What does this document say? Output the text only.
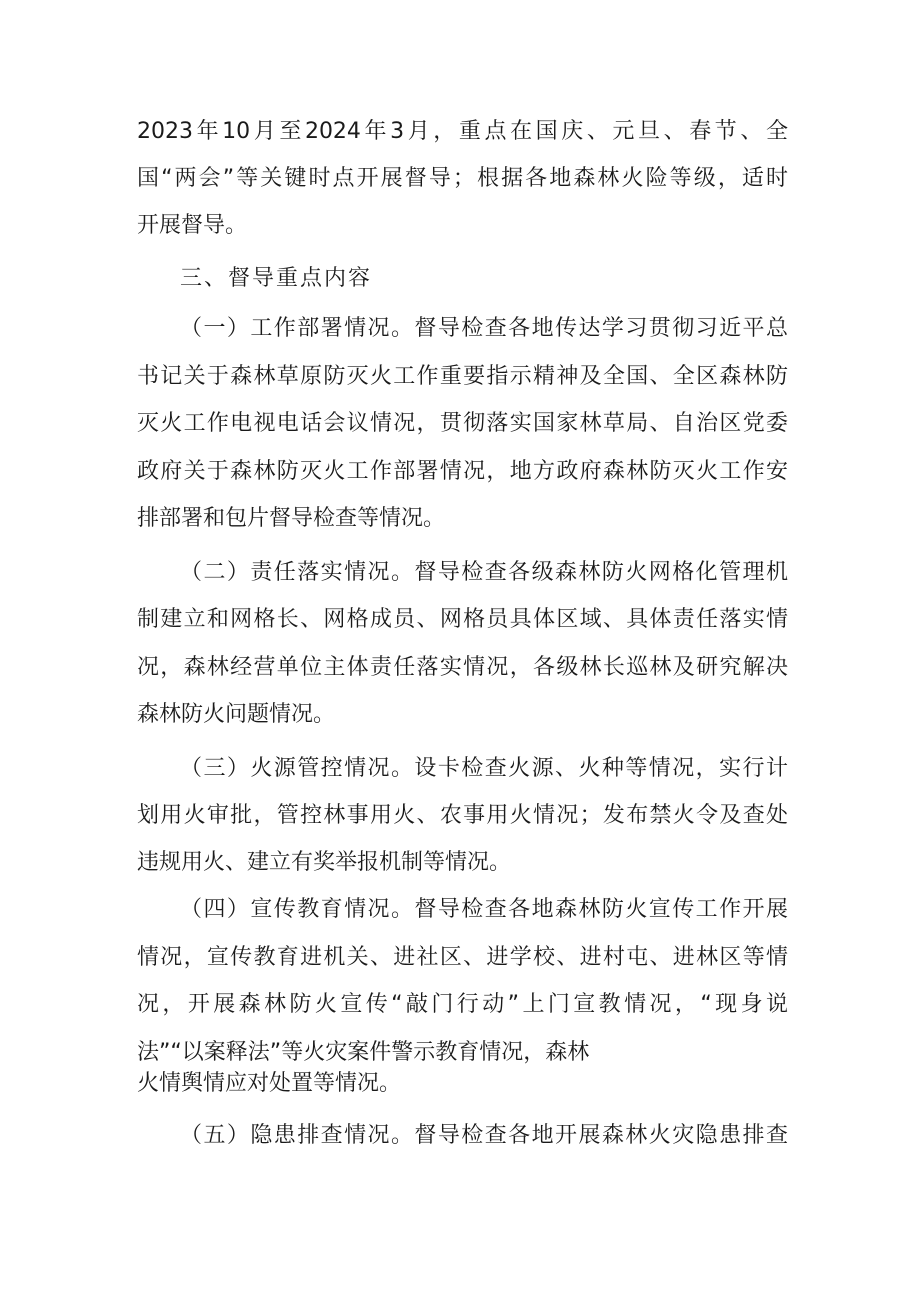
2023年10月至2024年3月，重点在国庆、元旦、春节、全
国“两会”等关键时点开展督导；根据各地森林火险等级，适时
开展督导。
三、督导重点内容
（一）工作部署情况。督导检查各地传达学习贯彻习近平总
书记关于森林草原防灭火工作重要指示精神及全国、全区森林防
灭火工作电视电话会议情况，贯彻落实国家林草局、自治区党委
政府关于森林防灭火工作部署情况，地方政府森林防灭火工作安
排部署和包片督导检查等情况。
（二）责任落实情况。督导检查各级森林防火网格化管理机
制建立和网格长、网格成员、网格员具体区域、具体责任落实情
况，森林经营单位主体责任落实情况，各级林长巡林及研究解决
森林防火问题情况。
（三）火源管控情况。设卡检查火源、火种等情况，实行计
划用火审批，管控林事用火、农事用火情况；发布禁火令及查处
违规用火、建立有奖举报机制等情况。
（四）宣传教育情况。督导检查各地森林防火宣传工作开展
情况，宣传教育进机关、进社区、进学校、进村屯、进林区等情
况，开展森林防火宣传“敲门行动”上门宣教情况，“现身说
法”“以案释法”等火灾案件警示教育情况，森林
火情舆情应对处置等情况。
（五）隐患排查情况。督导检查各地开展森林火灾隐患排查
